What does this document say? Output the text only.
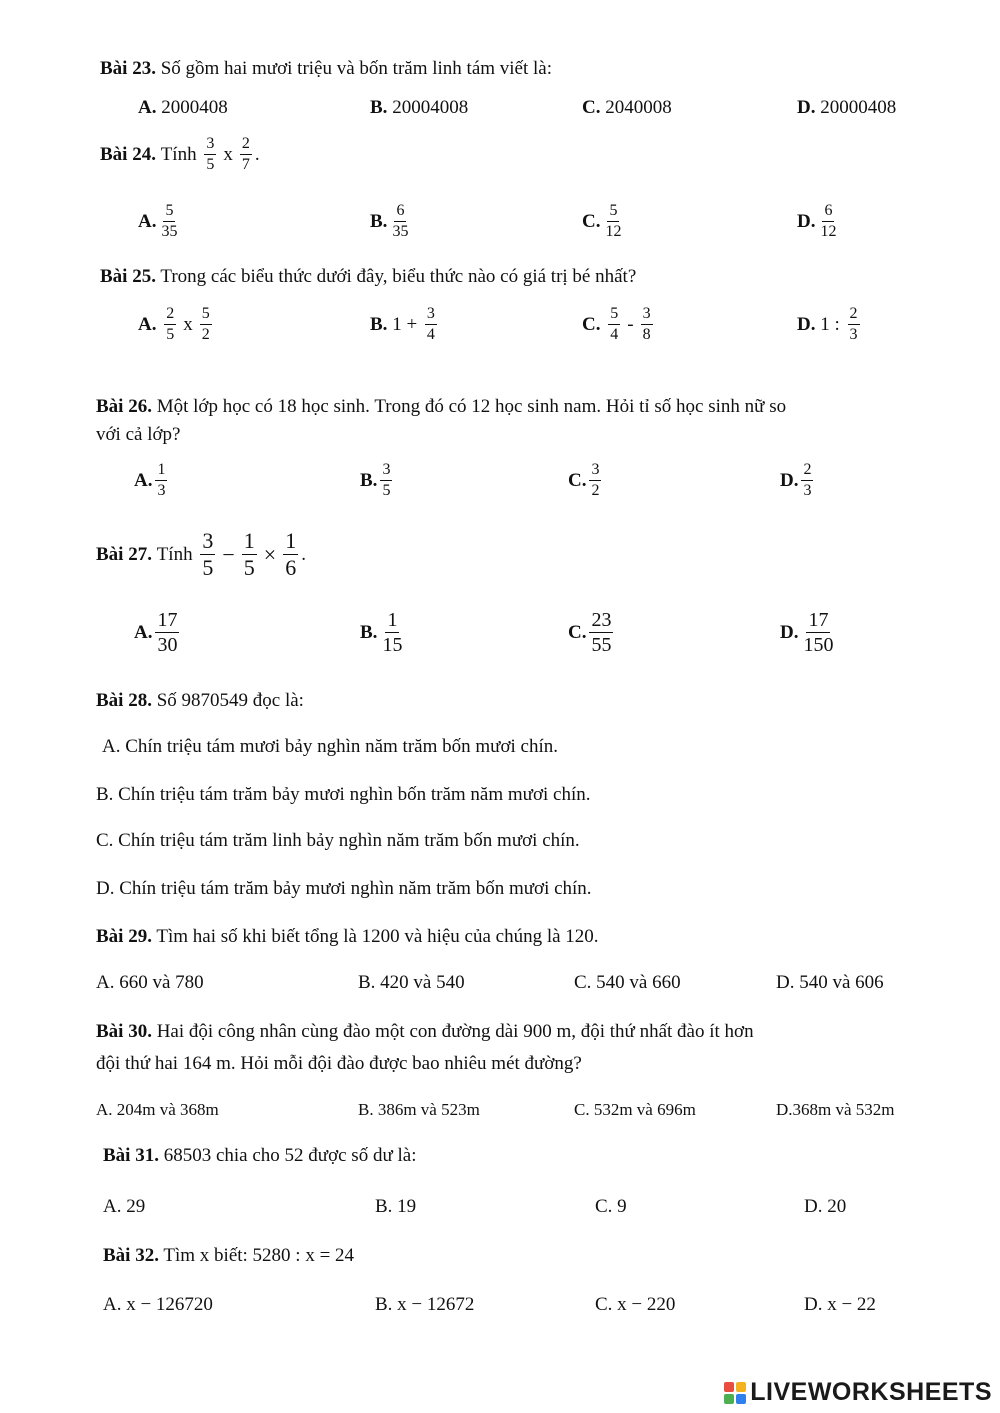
Bài 23. Số gồm hai mươi triệu và bốn trăm linh tám viết là:
A. 2000408	B. 20004008	C. 2040008	D. 20000408
Bài 24.
Tính
$\frac{3}{5}$ x $\frac{2}{7}$ .
A. $\frac{5}{35}$	B. $\frac{6}{35}$	C. $\frac{5}{12}$	D. $\frac{6}{12}$
Bài 25. Trong các biểu thức dưới đây, biểu thức nào có giá trị bé nhất?
A.
$\frac{2}{5}$ x $\frac{5}{2}$	B.
1 +
$\frac{3}{4}$	C.
$\frac{5}{4} - \frac{3}{8}$	D.
1 :
$\frac{2}{3}$
Bài 26. Một lớp học có 18 học sinh. Trong đó có 12 học sinh nam. Hỏi tỉ số học sinh nữ so
với cả lớp?
A. $\frac{1}{3}$	B. $\frac{3}{5}$	C. $\frac{3}{2}$	D. $\frac{2}{3}$
Bài 27.
Tính
$\frac{3}{5} - \frac{1}{5} \times \frac{1}{6}$ .
A. $\frac{17}{30}$	B. $\frac{1}{15}$	C. $\frac{23}{55}$	D. $\frac{17}{150}$
Bài 28. Số 9870549 đọc là:
A. Chín triệu tám mươi bảy nghìn năm trăm bốn mươi chín.
B. Chín triệu tám trăm bảy mươi nghìn bốn trăm năm mươi chín.
C. Chín triệu tám trăm linh bảy nghìn năm trăm bốn mươi chín.
D. Chín triệu tám trăm bảy mươi nghìn năm trăm bốn mươi chín.
Bài 29. Tìm hai số khi biết tổng là 1200 và hiệu của chúng là 120.
A. 660 và 780	B. 420 và 540	C. 540 và 660	D. 540 và 606
Bài 30. Hai đội công nhân cùng đào một con đường dài 900 m, đội thứ nhất đào ít hơn
đội thứ hai 164 m. Hỏi mỗi đội đào được bao nhiêu mét đường?
A. 204m và 368m	B. 386m và 523m	C. 532m và 696m	D.368m và 532m
Bài 31. 68503 chia cho 52 được số dư là:
A. 29	B. 19	C. 9	D. 20
Bài 32. Tìm x biết: 5280 : x = 24
A. x − 126720	B. x − 12672	C. x − 220	D. x − 22
LIVEWORKSHEETS
